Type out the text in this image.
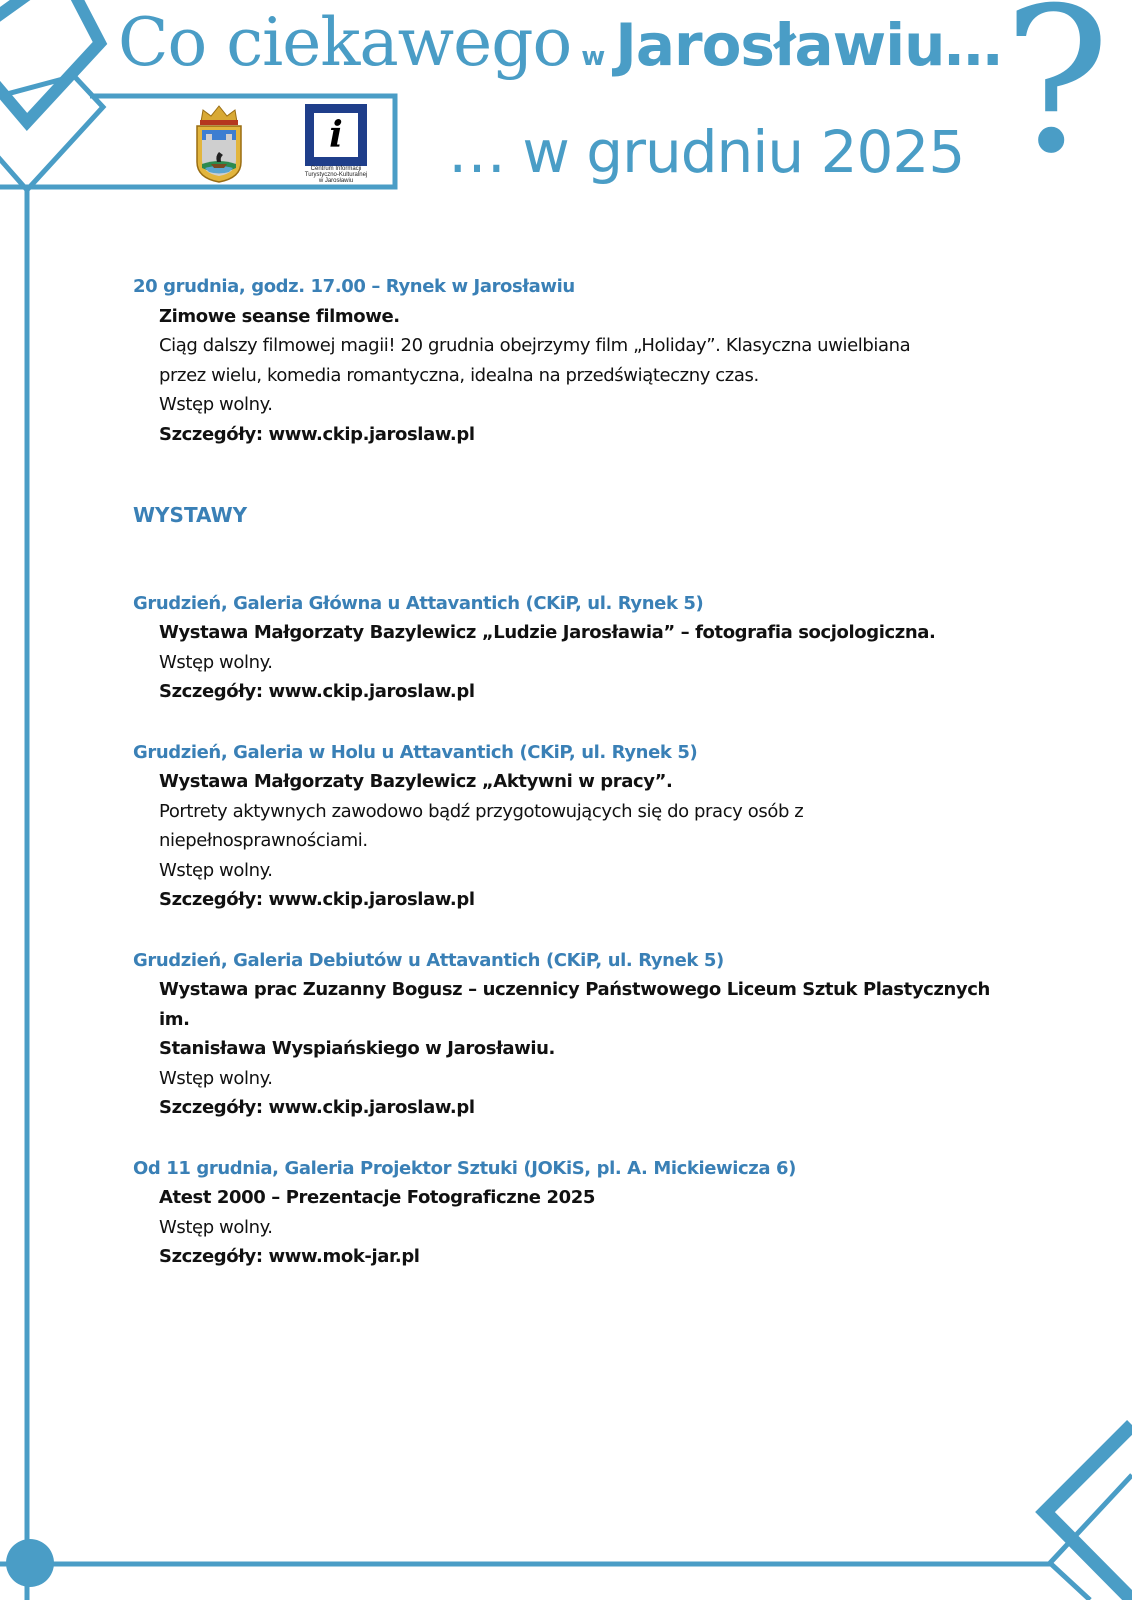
Co ciekawego w Jarosławiu…
… w grudniu 2025 ?
i
Centrum Informacji
Turystyczno-Kulturalnej
w Jarosławiu
20 grudnia, godz. 17.00 – Rynek w Jarosławiu
Zimowe seanse filmowe.
Ciąg dalszy filmowej magii! 20 grudnia obejrzymy film „Holiday”. Klasyczna uwielbiana
przez wielu, komedia romantyczna, idealna na przedświąteczny czas.
Wstęp wolny.
Szczegóły: www.ckip.jaroslaw.pl
WYSTAWY
Grudzień, Galeria Główna u Attavantich (CKiP, ul. Rynek 5)
Wystawa Małgorzaty Bazylewicz „Ludzie Jarosławia” – fotografia socjologiczna.
Wstęp wolny.
Szczegóły: www.ckip.jaroslaw.pl
Grudzień, Galeria w Holu u Attavantich (CKiP, ul. Rynek 5)
Wystawa Małgorzaty Bazylewicz „Aktywni w pracy”.
Portrety aktywnych zawodowo bądź przygotowujących się do pracy osób z
niepełnosprawnościami.
Wstęp wolny.
Szczegóły: www.ckip.jaroslaw.pl
Grudzień, Galeria Debiutów u Attavantich (CKiP, ul. Rynek 5)
Wystawa prac Zuzanny Bogusz – uczennicy Państwowego Liceum Sztuk Plastycznych im.
Stanisława Wyspiańskiego w Jarosławiu.
Wstęp wolny.
Szczegóły: www.ckip.jaroslaw.pl
Od 11 grudnia, Galeria Projektor Sztuki (JOKiS, pl. A. Mickiewicza 6)
Atest 2000 – Prezentacje Fotograficzne 2025
Wstęp wolny.
Szczegóły: www.mok-jar.pl
